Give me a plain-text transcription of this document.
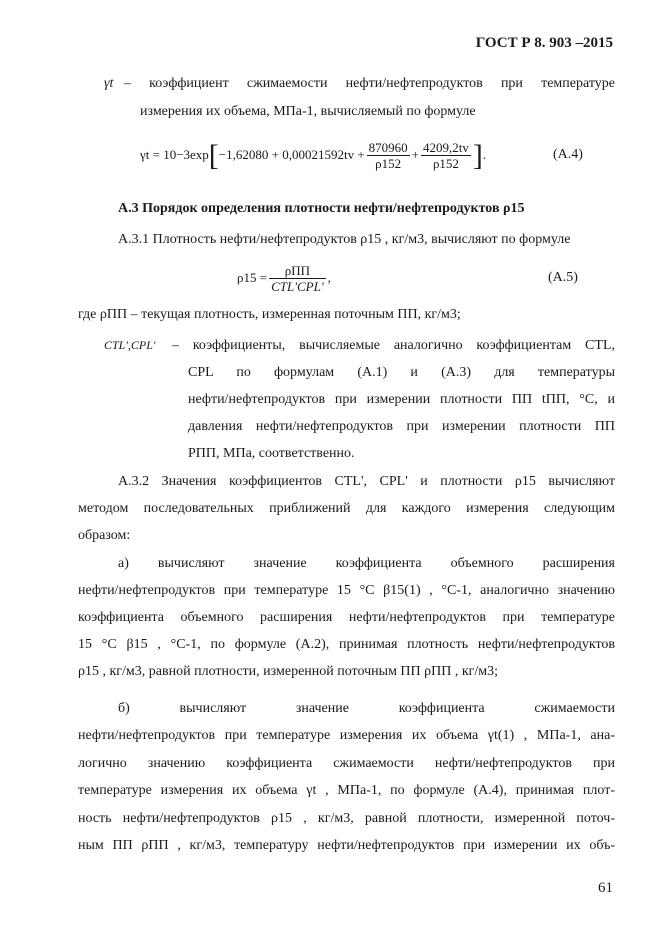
ГОСТ Р 8. 903 –2015
γt – коэффициент сжимаемости нефти/нефтепродуктов при температуре
измерения их объема, МПа-1, вычисляемый по формуле
$\gamma t = 10-3\exp[-1,62080 + 0,00021592tv + \frac{870960}{\rho 152} + \frac{4209,2tv}{\rho 152}$ ].	(А.4)
А.3 Порядок определения плотности нефти/нефтепродуктов ρ15
А.3.1 Плотность нефти/нефтепродуктов ρ15 , кг/м3, вычисляют по формуле
$\rho 15 = \frac{\text{ρПП}}{\text{CTL'CPL'}}$ ,	(А.5)
где ρПП – текущая плотность, измеренная поточным ПП, кг/м3;
CTL',CPL' – коэффициенты, вычисляемые аналогично коэффициентам CTL,
CPL по формулам (А.1) и (А.3) для температуры
нефти/нефтепродуктов при измерении плотности ПП tПП, °С, и
давления нефти/нефтепродуктов при измерении плотности ПП
PПП, МПа, соответственно.
А.3.2 Значения коэффициентов CTL', CPL' и плотности ρ15 вычисляют
методом последовательных приближений для каждого измерения следующим
образом:
а) вычисляют значение коэффициента объемного расширения
нефти/нефтепродуктов при температуре 15 °С β15(1) , °С-1, аналогично значению
коэффициента объемного расширения нефти/нефтепродуктов при температуре
15 °С β15 , °С-1, по формуле (А.2), принимая плотность нефти/нефтепродуктов
ρ15 , кг/м3, равной плотности, измеренной поточным ПП ρПП , кг/м3;
б) вычисляют значение коэффициента сжимаемости
нефти/нефтепродуктов при температуре измерения их объема γt(1) , МПа-1, ана-
логично значению коэффициента сжимаемости нефти/нефтепродуктов при
температуре измерения их объема γt , МПа-1, по формуле (А.4), принимая плот-
ность нефти/нефтепродуктов ρ15 , кг/м3, равной плотности, измеренной поточ-
ным ПП ρПП , кг/м3, температуру нефти/нефтепродуктов при измерении их объ-
61
